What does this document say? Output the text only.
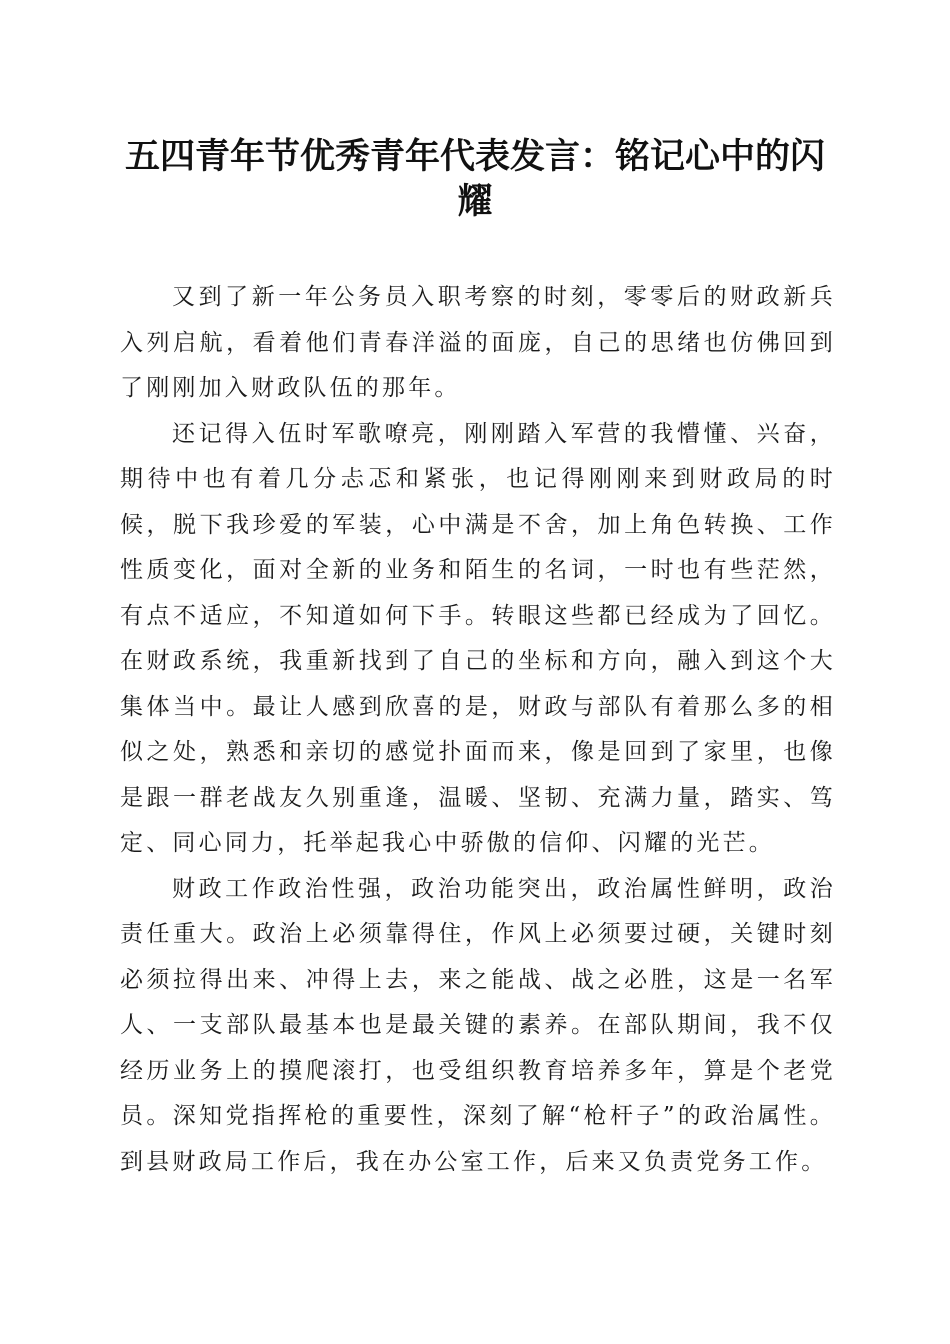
五四青年节优秀青年代表发言：铭记心中的闪耀

又到了新一年公务员入职考察的时刻，零零后的财政新兵入列启航，看着他们青春洋溢的面庞，自己的思绪也仿佛回到了刚刚加入财政队伍的那年。

还记得入伍时军歌嘹亮，刚刚踏入军营的我懵懂、兴奋，期待中也有着几分忐忑和紧张，也记得刚刚来到财政局的时候，脱下我珍爱的军装，心中满是不舍，加上角色转换、工作性质变化，面对全新的业务和陌生的名词，一时也有些茫然，有点不适应，不知道如何下手。转眼这些都已经成为了回忆。在财政系统，我重新找到了自己的坐标和方向，融入到这个大集体当中。最让人感到欣喜的是，财政与部队有着那么多的相似之处，熟悉和亲切的感觉扑面而来，像是回到了家里，也像是跟一群老战友久别重逢，温暖、坚韧、充满力量，踏实、笃定、同心同力，托举起我心中骄傲的信仰、闪耀的光芒。

财政工作政治性强，政治功能突出，政治属性鲜明，政治责任重大。政治上必须靠得住，作风上必须要过硬，关键时刻必须拉得出来、冲得上去，来之能战、战之必胜，这是一名军人、一支部队最基本也是最关键的素养。在部队期间，我不仅经历业务上的摸爬滚打，也受组织教育培养多年，算是个老党员。深知党指挥枪的重要性，深刻了解“枪杆子”的政治属性。到县财政局工作后，我在办公室工作，后来又负责党务工作。
